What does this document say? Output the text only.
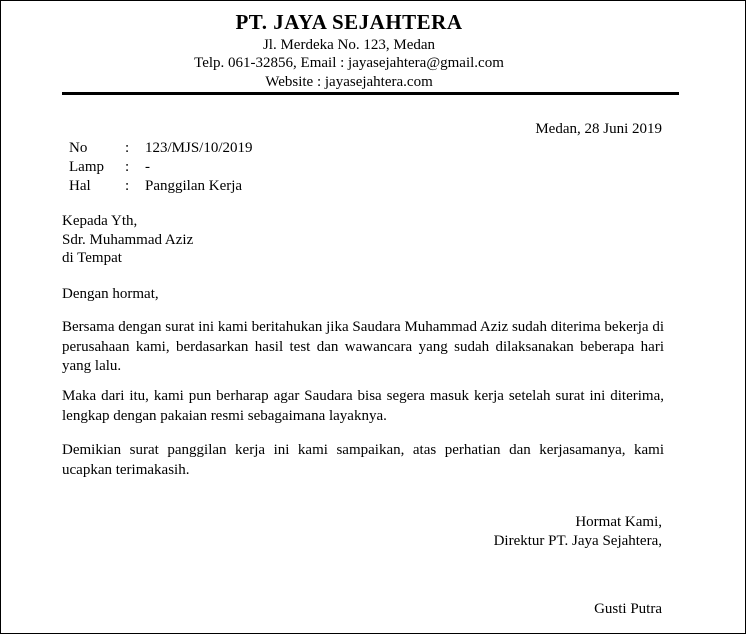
PT. JAYA SEJAHTERA
Jl. Merdeka No. 123, Medan
Telp. 061-32856, Email : jayasejahtera@gmail.com
Website : jayasejahtera.com
Medan, 28 Juni 2019
No	: 123/MJS/10/2019
Lamp : -
Hal : Panggilan Kerja
Kepada Yth,
Sdr. Muhammad Aziz
di Tempat
Dengan hormat,
Bersama dengan surat ini kami beritahukan jika Saudara Muhammad Aziz sudah diterima bekerja di perusahaan kami, berdasarkan hasil test dan wawancara yang sudah dilaksanakan beberapa hari yang lalu.
Maka dari itu, kami pun berharap agar Saudara bisa segera masuk kerja setelah surat ini diterima, lengkap dengan pakaian resmi sebagaimana layaknya.
Demikian surat panggilan kerja ini kami sampaikan, atas perhatian dan kerjasamanya, kami ucapkan terimakasih.
Hormat Kami,
Direktur PT. Jaya Sejahtera,
Gusti Putra
